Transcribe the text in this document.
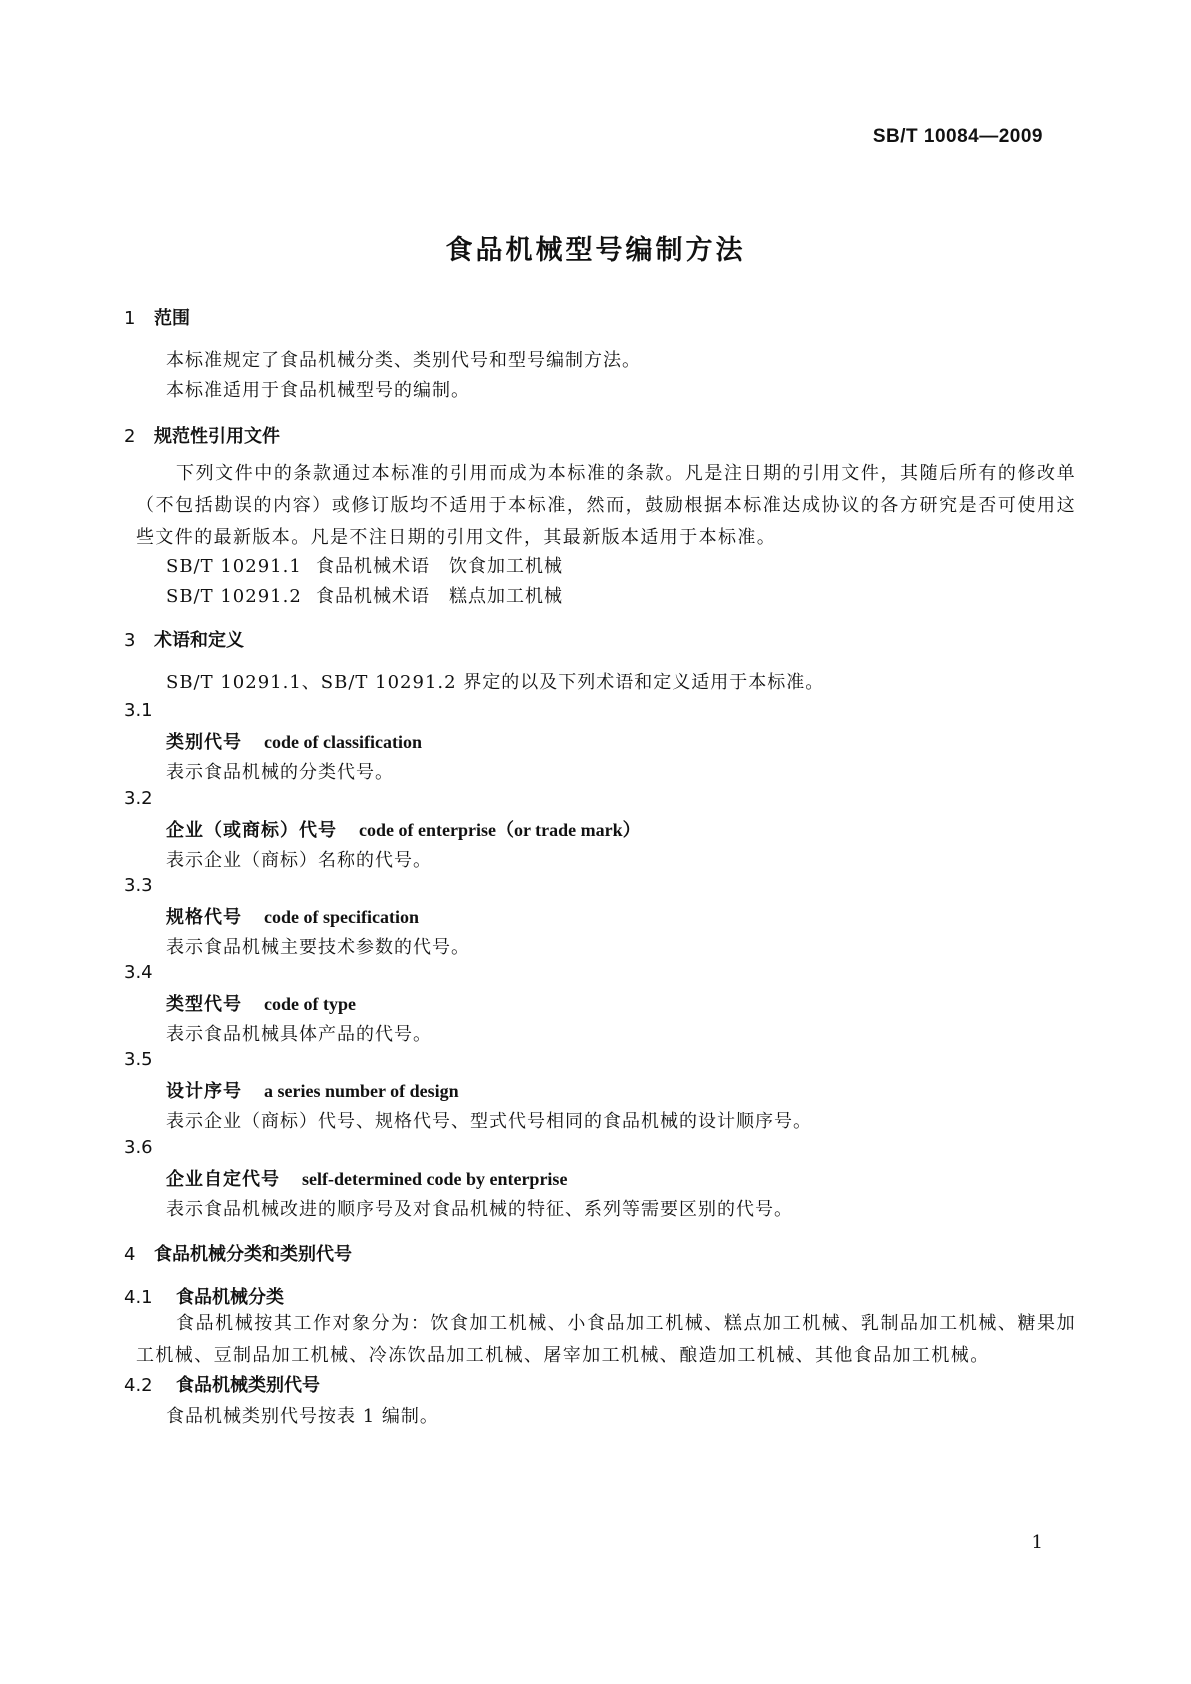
SB/T 10084—2009
食品机械型号编制方法
1 范围
本标准规定了食品机械分类、类别代号和型号编制方法。
本标准适用于食品机械型号的编制。
2 规范性引用文件
下列文件中的条款通过本标准的引用而成为本标准的条款。凡是注日期的引用文件，其随后所有的修改单（不包括勘误的内容）或修订版均不适用于本标准，然而，鼓励根据本标准达成协议的各方研究是否可使用这些文件的最新版本。凡是不注日期的引用文件，其最新版本适用于本标准。
SB/T 10291.1 食品机械术语　饮食加工机械
SB/T 10291.2 食品机械术语　糕点加工机械
3 术语和定义
SB/T 10291.1、SB/T 10291.2 界定的以及下列术语和定义适用于本标准。
3.1
类别代号 code of classification
表示食品机械的分类代号。
3.2
企业（或商标）代号 code of enterprise（or trade mark）
表示企业（商标）名称的代号。
3.3
规格代号 code of specification
表示食品机械主要技术参数的代号。
3.4
类型代号 code of type
表示食品机械具体产品的代号。
3.5
设计序号 a series number of design
表示企业（商标）代号、规格代号、型式代号相同的食品机械的设计顺序号。
3.6
企业自定代号 self-determined code by enterprise
表示食品机械改进的顺序号及对食品机械的特征、系列等需要区别的代号。
4 食品机械分类和类别代号
4.1 食品机械分类
食品机械按其工作对象分为：饮食加工机械、小食品加工机械、糕点加工机械、乳制品加工机械、糖果加工机械、豆制品加工机械、冷冻饮品加工机械、屠宰加工机械、酿造加工机械、其他食品加工机械。
4.2 食品机械类别代号
食品机械类别代号按表 1 编制。
1
